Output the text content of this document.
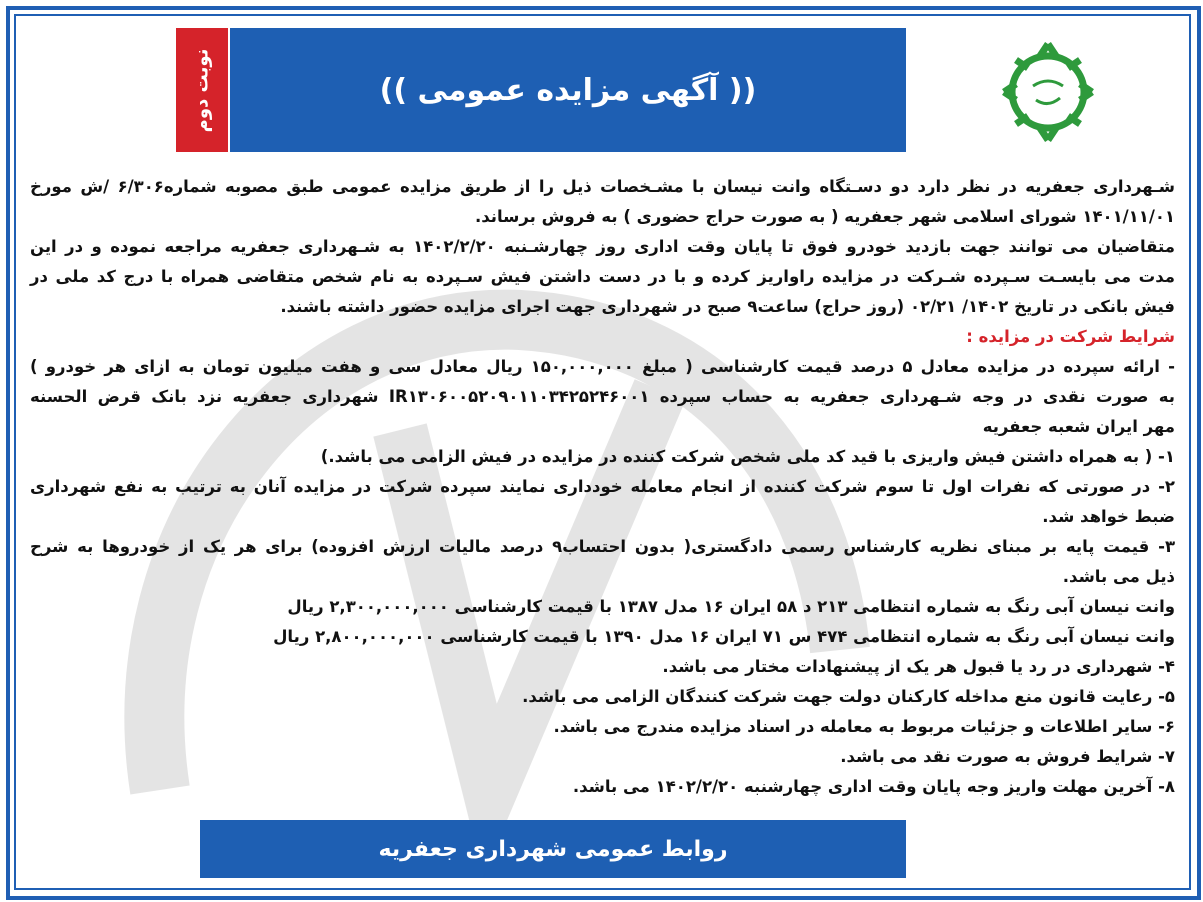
نوبت دوم	(( آگهی مزایده عمومی ))
شـهرداری جعفریه در نظر دارد دو دسـتگاه وانت نیسان با مشـخصات ذیل را از طریق مزایده عمومی طبق مصوبه شماره۶/۳۰۶ /ش مورخ
۱۴۰۱/۱۱/۰۱ شورای اسلامی شهر جعفریه ( به صورت حراج حضوری ) به فروش برساند.
متقاضیان می توانند جهت بازدید خودرو فوق تا پایان وقت اداری روز چهارشـنبه ۱۴۰۲/۲/۲۰ به شـهرداری جعفریه مراجعه نموده و در این
مدت می بایسـت سـپرده شـرکت در مزایده راواریز کرده و با در دست داشتن فیش سـپرده به نام شخص متقاضی همراه با درج کد ملی در
فیش بانکی در تاریخ ۱۴۰۲/ ۰۲/۲۱ (روز حراج) ساعت۹ صبح در شهرداری جهت اجرای مزایده حضور داشته باشند.
شرایط شرکت در مزایده :
- ارائه سپرده در مزایده معادل ۵ درصد قیمت کارشناسی ( مبلغ ۱۵۰,۰۰۰,۰۰۰ ریال معادل سی و هفت میلیون تومان به ازای هر خودرو )
به صورت نقدی در وجه شـهرداری جعفریه به حساب سپرده IR۱۳۰۶۰۰۵۲۰۹۰۱۱۰۳۴۲۵۲۴۶۰۰۱ شهرداری جعفریه نزد بانک قرض الحسنه
مهر ایران شعبه جعفریه
۱- ( به همراه داشتن فیش واریزی با قید کد ملی شخص شرکت کننده در مزایده در فیش الزامی می باشد.)
۲- در صورتی که نفرات اول تا سوم شرکت کننده از انجام معامله خودداری نمایند سپرده شرکت در مزایده آنان به ترتیب به نفع شهرداری
ضبط خواهد شد.
۳- قیمت پایه بر مبنای نظریه کارشناس رسمی دادگستری( بدون احتساب۹ درصد مالیات ارزش افزوده) برای هر یک از خودروها به شرح
ذیل می باشد.
وانت نیسان آبی رنگ به شماره انتظامی ۲۱۳ د ۵۸ ایران ۱۶ مدل ۱۳۸۷ با قیمت کارشناسی ۲,۳۰۰,۰۰۰,۰۰۰ ریال
وانت نیسان آبی رنگ به شماره انتظامی ۴۷۴ س ۷۱ ایران ۱۶ مدل ۱۳۹۰ با قیمت کارشناسی ۲,۸۰۰,۰۰۰,۰۰۰ ریال
۴- شهرداری در رد یا قبول هر یک از پیشنهادات مختار می باشد.
۵- رعایت قانون منع مداخله کارکنان دولت جهت شرکت کنندگان الزامی می باشد.
۶- سایر اطلاعات و جزئیات مربوط به معامله در اسناد مزایده مندرج می باشد.
۷- شرایط فروش به صورت نقد می باشد.
۸- آخرین مهلت واریز وجه پایان وقت اداری چهارشنبه ۱۴۰۲/۲/۲۰ می باشد.
روابط عمومی شهرداری جعفریه
